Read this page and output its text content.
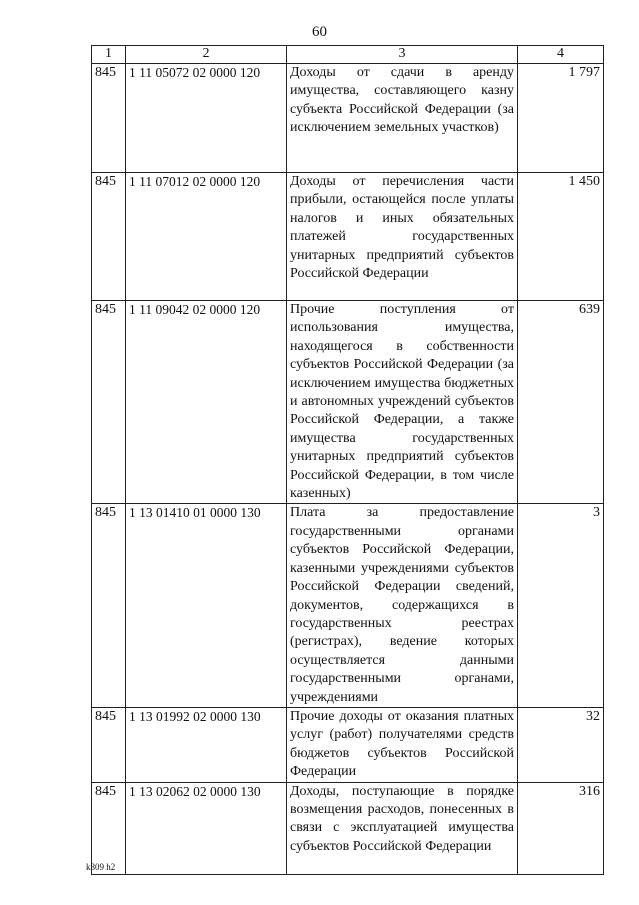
60
1	2	3	4
845	1 11 05072 02 0000 120	Доходы от сдачи в аренду имущества, составляющего казну субъекта Российской Федерации (за исключением земельных участков)	1 797
845	1 11 07012 02 0000 120	Доходы от перечисления части прибыли, остающейся после уплаты налогов и иных обязательных платежей государственных унитарных предприятий субъектов Российской Федерации	1 450
845	1 11 09042 02 0000 120	Прочие поступления от использования имущества, находящегося в собственности субъектов Российской Федерации (за исключением имущества бюджетных и автономных учреждений субъектов Российской Федерации, а также имущества государственных унитарных предприятий субъектов Российской Федерации, в том числе казенных)	639
845	1 13 01410 01 0000 130	Плата за предоставление государственными органами субъектов Российской Федерации, казенными учреждениями субъектов Российской Федерации сведений, документов, содержащихся в государственных реестрах (регистрах), ведение которых осуществляется данными государственными органами, учреждениями	3
845	1 13 01992 02 0000 130	Прочие доходы от оказания платных услуг (работ) получателями средств бюджетов субъектов Российской Федерации	32
845	1 13 02062 02 0000 130	Доходы, поступающие в порядке возмещения расходов, понесенных в связи с эксплуатацией имущества субъектов Российской Федерации	316
k309 h2
